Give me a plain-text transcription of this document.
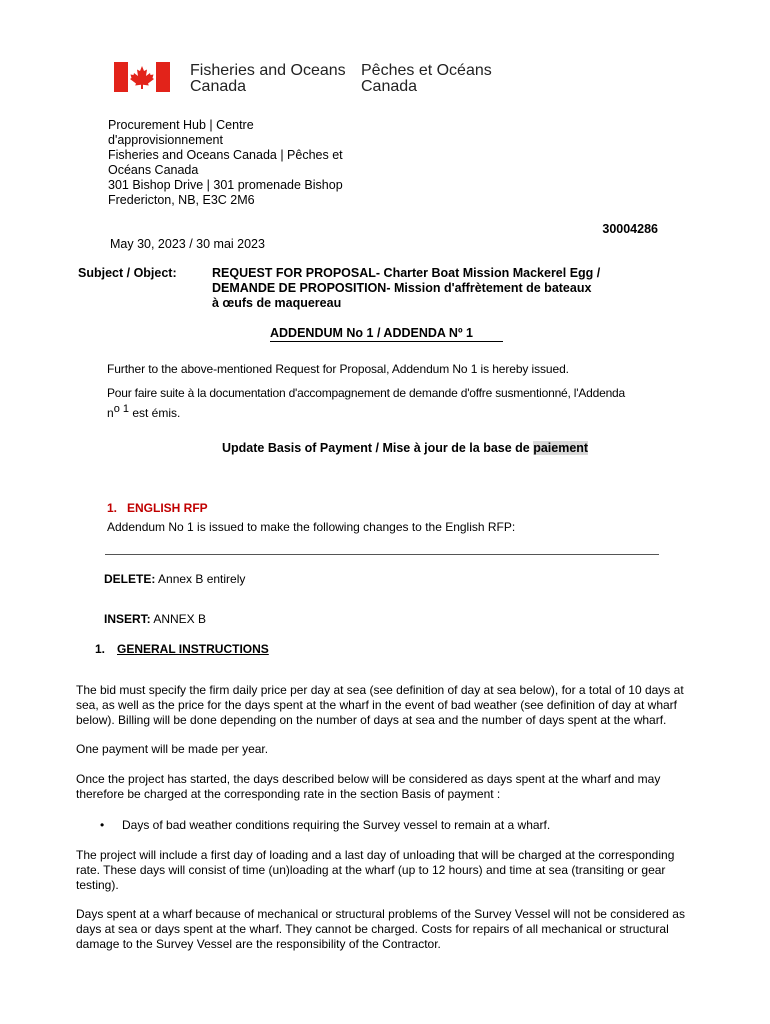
Fisheries and Oceans
Canada
Pêches et Océans
Canada
Procurement Hub | Centre
d'approvisionnement
Fisheries and Oceans Canada | Pêches et
Océans Canada
301 Bishop Drive | 301 promenade Bishop
Fredericton, NB, E3C 2M6
30004286
May 30, 2023 / 30 mai 2023
Subject / Object:	REQUEST FOR PROPOSAL- Charter Boat Mission Mackerel Egg /
DEMANDE DE PROPOSITION- Mission d'affrètement de bateaux
à œufs de maquereau
ADDENDUM No 1 / ADDENDA Nº 1
Further to the above-mentioned Request for Proposal, Addendum No 1 is hereby issued.
Pour faire suite à la documentation d'accompagnement de demande d'offre susmentionné, l'Addenda
$n^{o 1}$ est émis.
Update Basis of Payment / Mise à jour de la base de paiement
1.   ENGLISH RFP
Addendum No 1 is issued to make the following changes to the English RFP:
DELETE: Annex B entirely
INSERT: ANNEX B
1. GENERAL INSTRUCTIONS
The bid must specify the firm daily price per day at sea (see definition of day at sea below), for a total of 10 days at
sea, as well as the price for the days spent at the wharf in the event of bad weather (see definition of day at wharf
below). Billing will be done depending on the number of days at sea and the number of days spent at the wharf.
One payment will be made per year.
Once the project has started, the days described below will be considered as days spent at the wharf and may
therefore be charged at the corresponding rate in the section Basis of payment :
• Days of bad weather conditions requiring the Survey vessel to remain at a wharf.
The project will include a first day of loading and a last day of unloading that will be charged at the corresponding
rate. These days will consist of time (un)loading at the wharf (up to 12 hours) and time at sea (transiting or gear
testing).
Days spent at a wharf because of mechanical or structural problems of the Survey Vessel will not be considered as
days at sea or days spent at the wharf. They cannot be charged. Costs for repairs of all mechanical or structural
damage to the Survey Vessel are the responsibility of the Contractor.
